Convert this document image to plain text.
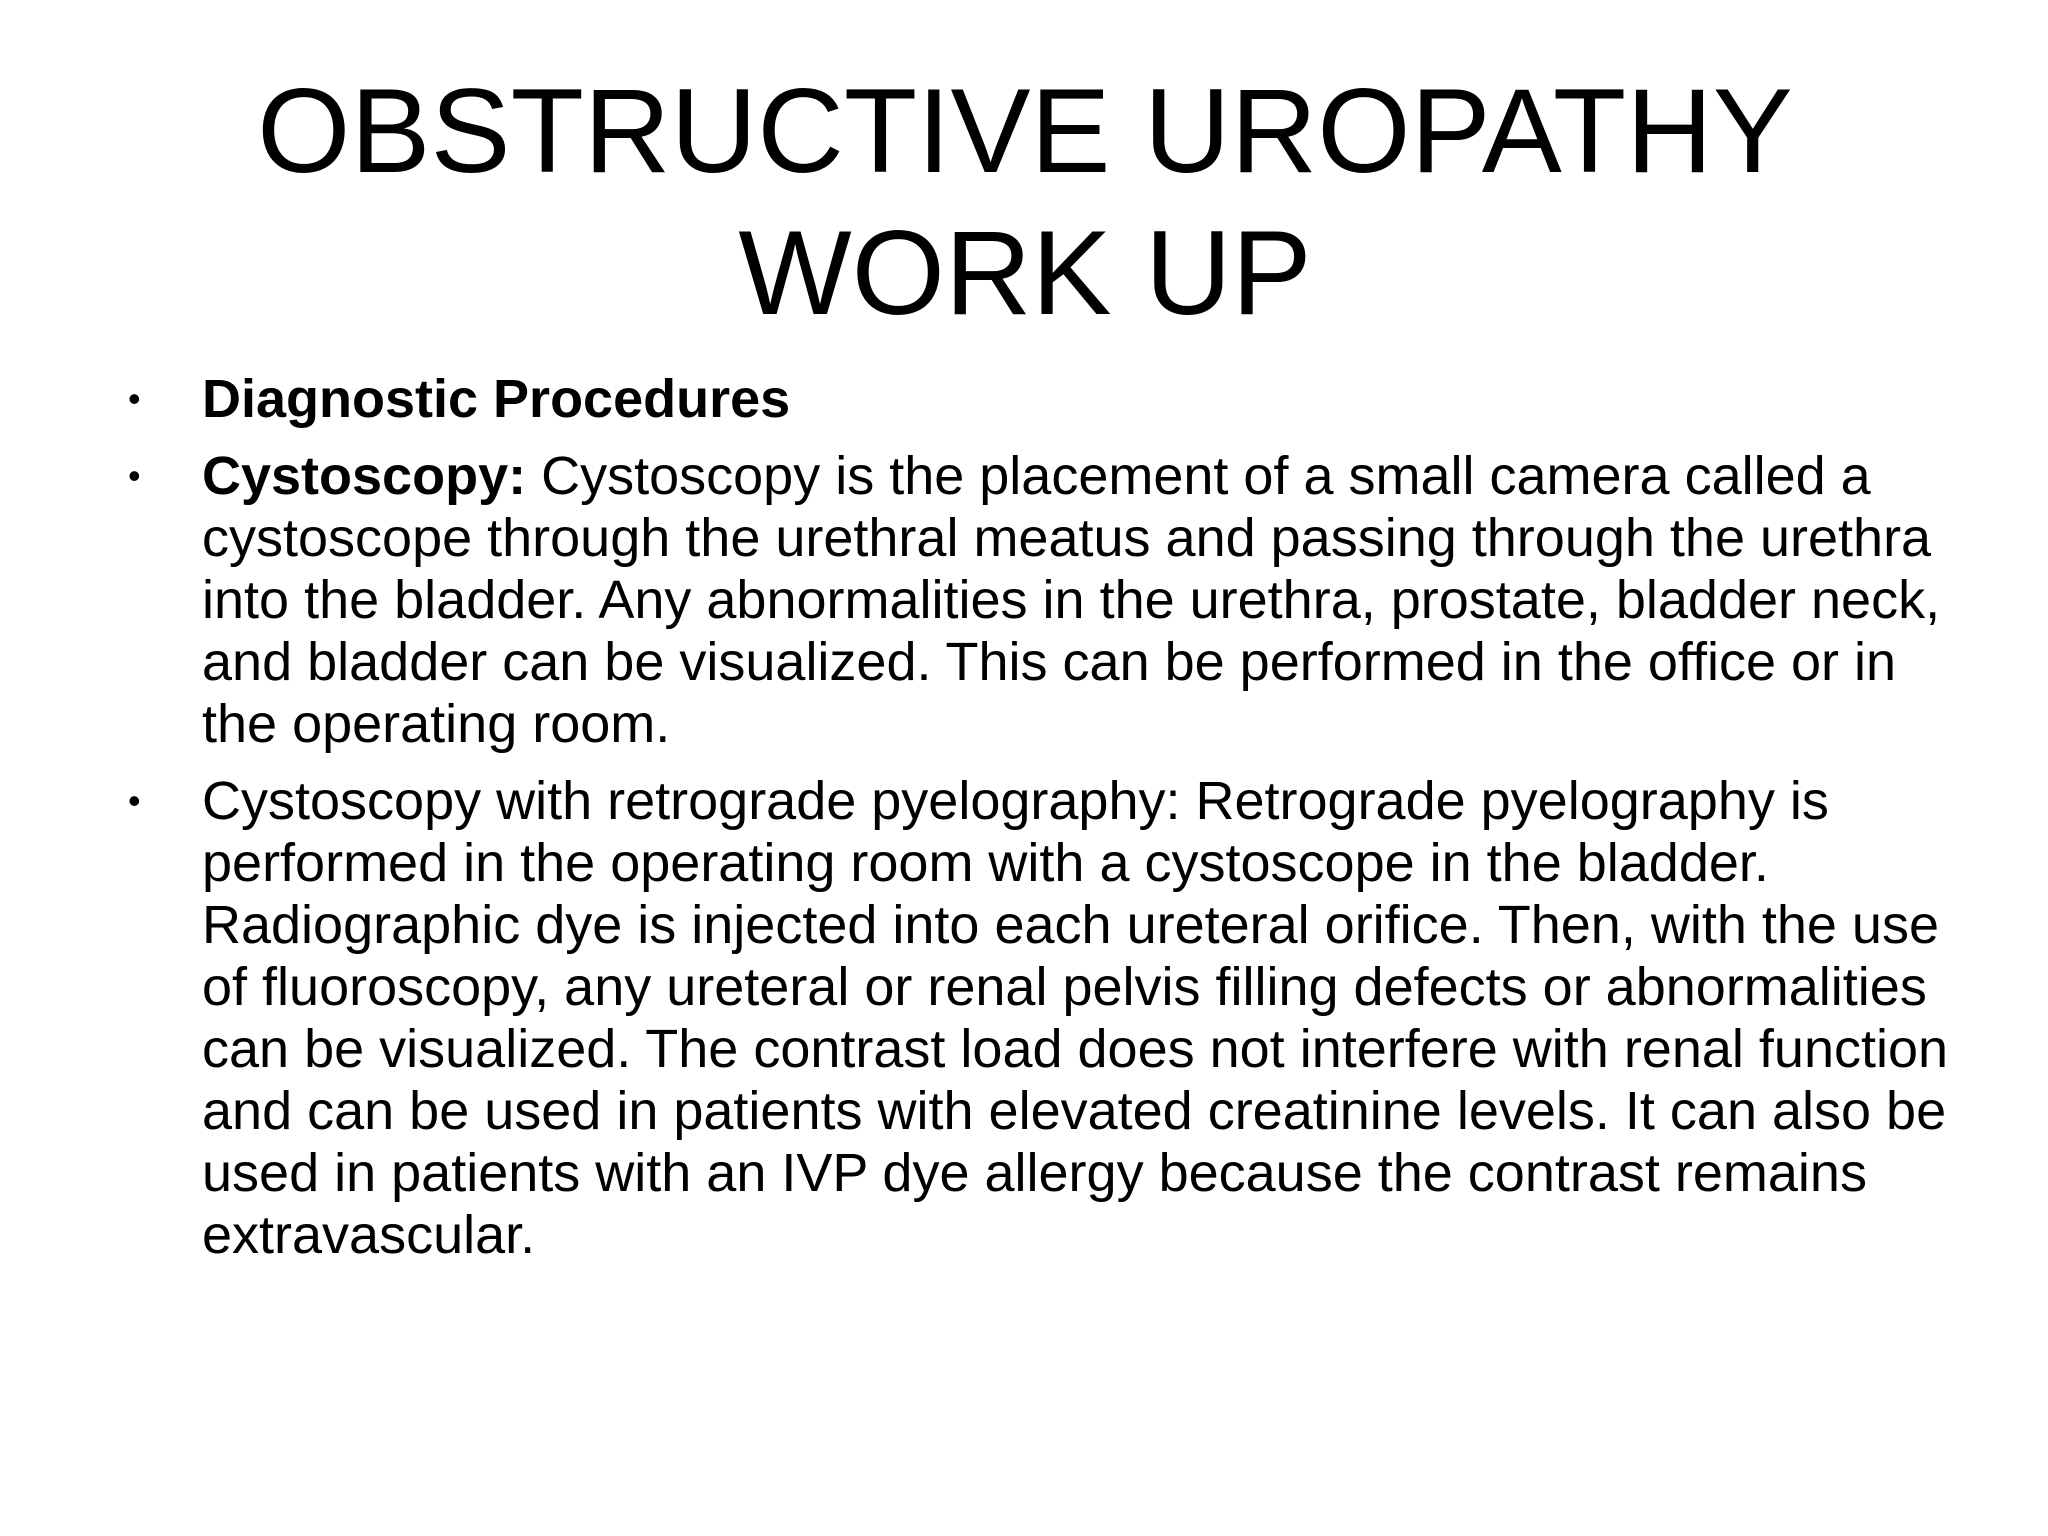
OBSTRUCTIVE UROPATHY
WORK UP
• Diagnostic Procedures
• Cystoscopy: Cystoscopy is the placement of a small camera called a cystoscope through the urethral meatus and passing through the urethra into the bladder. Any abnormalities in the urethra, prostate, bladder neck, and bladder can be visualized. This can be performed in the office or in the operating room.
• Cystoscopy with retrograde pyelography: Retrograde pyelography is performed in the operating room with a cystoscope in the bladder. Radiographic dye is injected into each ureteral orifice. Then, with the use of fluoroscopy, any ureteral or renal pelvis filling defects or abnormalities can be visualized. The contrast load does not interfere with renal function and can be used in patients with elevated creatinine levels. It can also be used in patients with an IVP dye allergy because the contrast remains extravascular.
